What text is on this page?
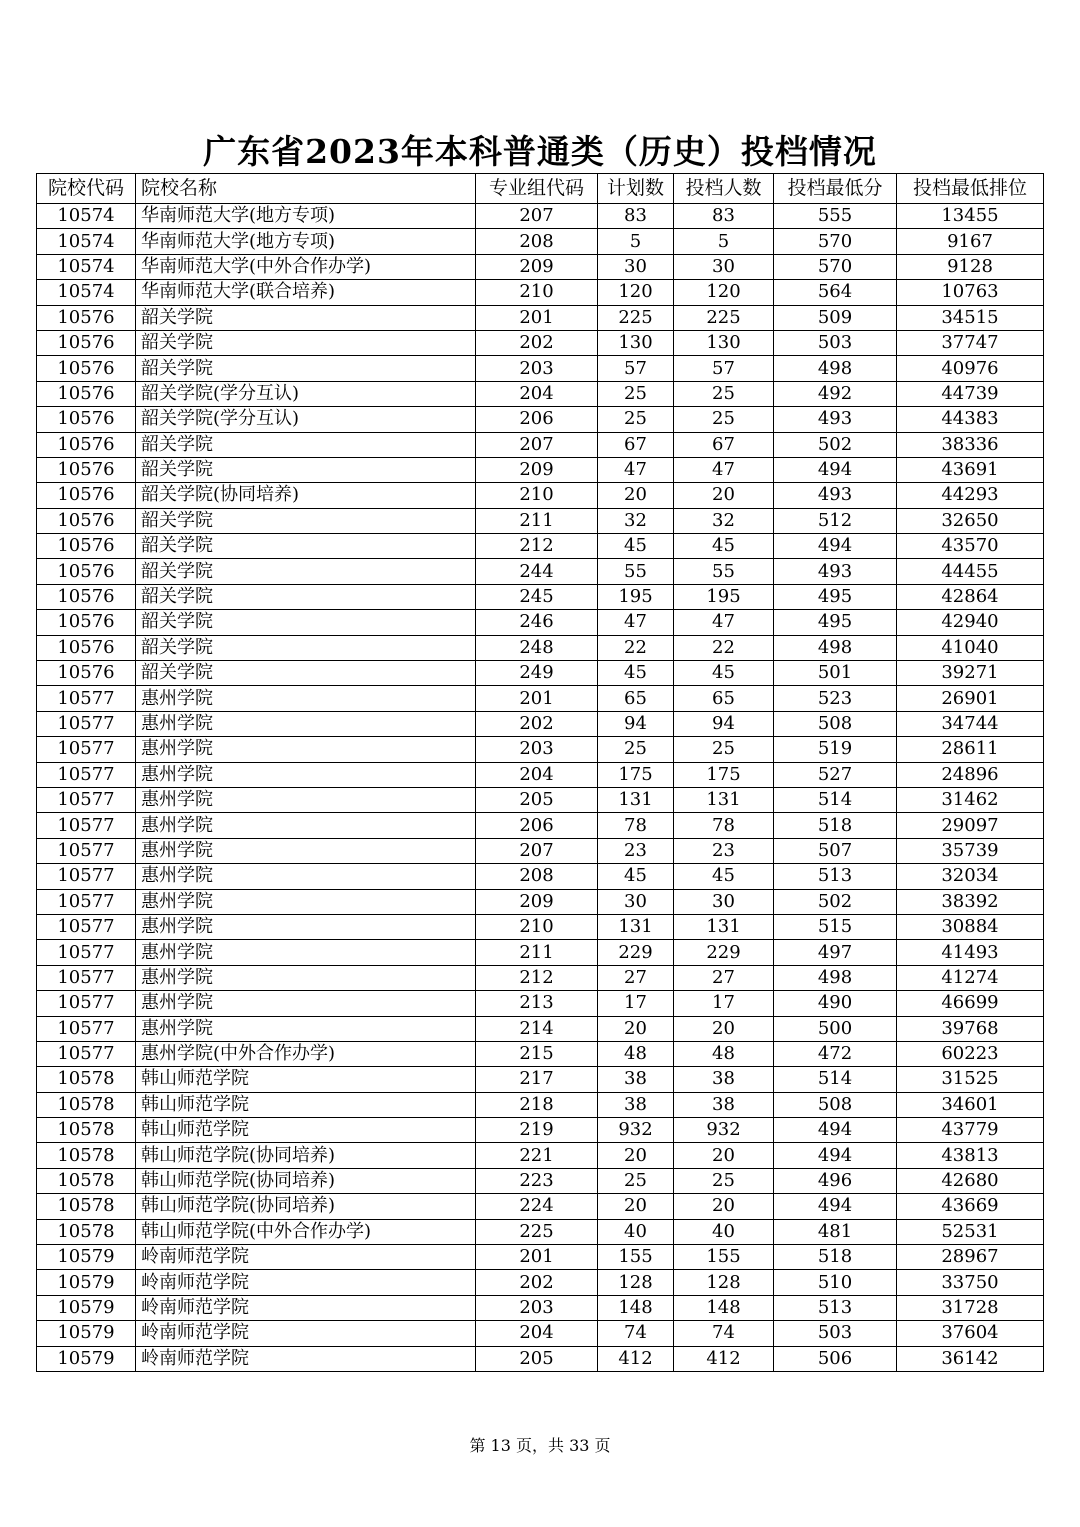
广东省2023年本科普通类（历史）投档情况
院校代码	院校名称	专业组代码	计划数	投档人数	投档最低分	投档最低排位
10574	华南师范大学(地方专项)	207	83	83	555	13455
10574	华南师范大学(地方专项)	208	5	5	570	9167
10574	华南师范大学(中外合作办学)	209	30	30	570	9128
10574	华南师范大学(联合培养)	210	120	120	564	10763
10576	韶关学院	201	225	225	509	34515
10576	韶关学院	202	130	130	503	37747
10576	韶关学院	203	57	57	498	40976
10576	韶关学院(学分互认)	204	25	25	492	44739
10576	韶关学院(学分互认)	206	25	25	493	44383
10576	韶关学院	207	67	67	502	38336
10576	韶关学院	209	47	47	494	43691
10576	韶关学院(协同培养)	210	20	20	493	44293
10576	韶关学院	211	32	32	512	32650
10576	韶关学院	212	45	45	494	43570
10576	韶关学院	244	55	55	493	44455
10576	韶关学院	245	195	195	495	42864
10576	韶关学院	246	47	47	495	42940
10576	韶关学院	248	22	22	498	41040
10576	韶关学院	249	45	45	501	39271
10577	惠州学院	201	65	65	523	26901
10577	惠州学院	202	94	94	508	34744
10577	惠州学院	203	25	25	519	28611
10577	惠州学院	204	175	175	527	24896
10577	惠州学院	205	131	131	514	31462
10577	惠州学院	206	78	78	518	29097
10577	惠州学院	207	23	23	507	35739
10577	惠州学院	208	45	45	513	32034
10577	惠州学院	209	30	30	502	38392
10577	惠州学院	210	131	131	515	30884
10577	惠州学院	211	229	229	497	41493
10577	惠州学院	212	27	27	498	41274
10577	惠州学院	213	17	17	490	46699
10577	惠州学院	214	20	20	500	39768
10577	惠州学院(中外合作办学)	215	48	48	472	60223
10578	韩山师范学院	217	38	38	514	31525
10578	韩山师范学院	218	38	38	508	34601
10578	韩山师范学院	219	932	932	494	43779
10578	韩山师范学院(协同培养)	221	20	20	494	43813
10578	韩山师范学院(协同培养)	223	25	25	496	42680
10578	韩山师范学院(协同培养)	224	20	20	494	43669
10578	韩山师范学院(中外合作办学)	225	40	40	481	52531
10579	岭南师范学院	201	155	155	518	28967
10579	岭南师范学院	202	128	128	510	33750
10579	岭南师范学院	203	148	148	513	31728
10579	岭南师范学院	204	74	74	503	37604
10579	岭南师范学院	205	412	412	506	36142
第 13 页，共 33 页
